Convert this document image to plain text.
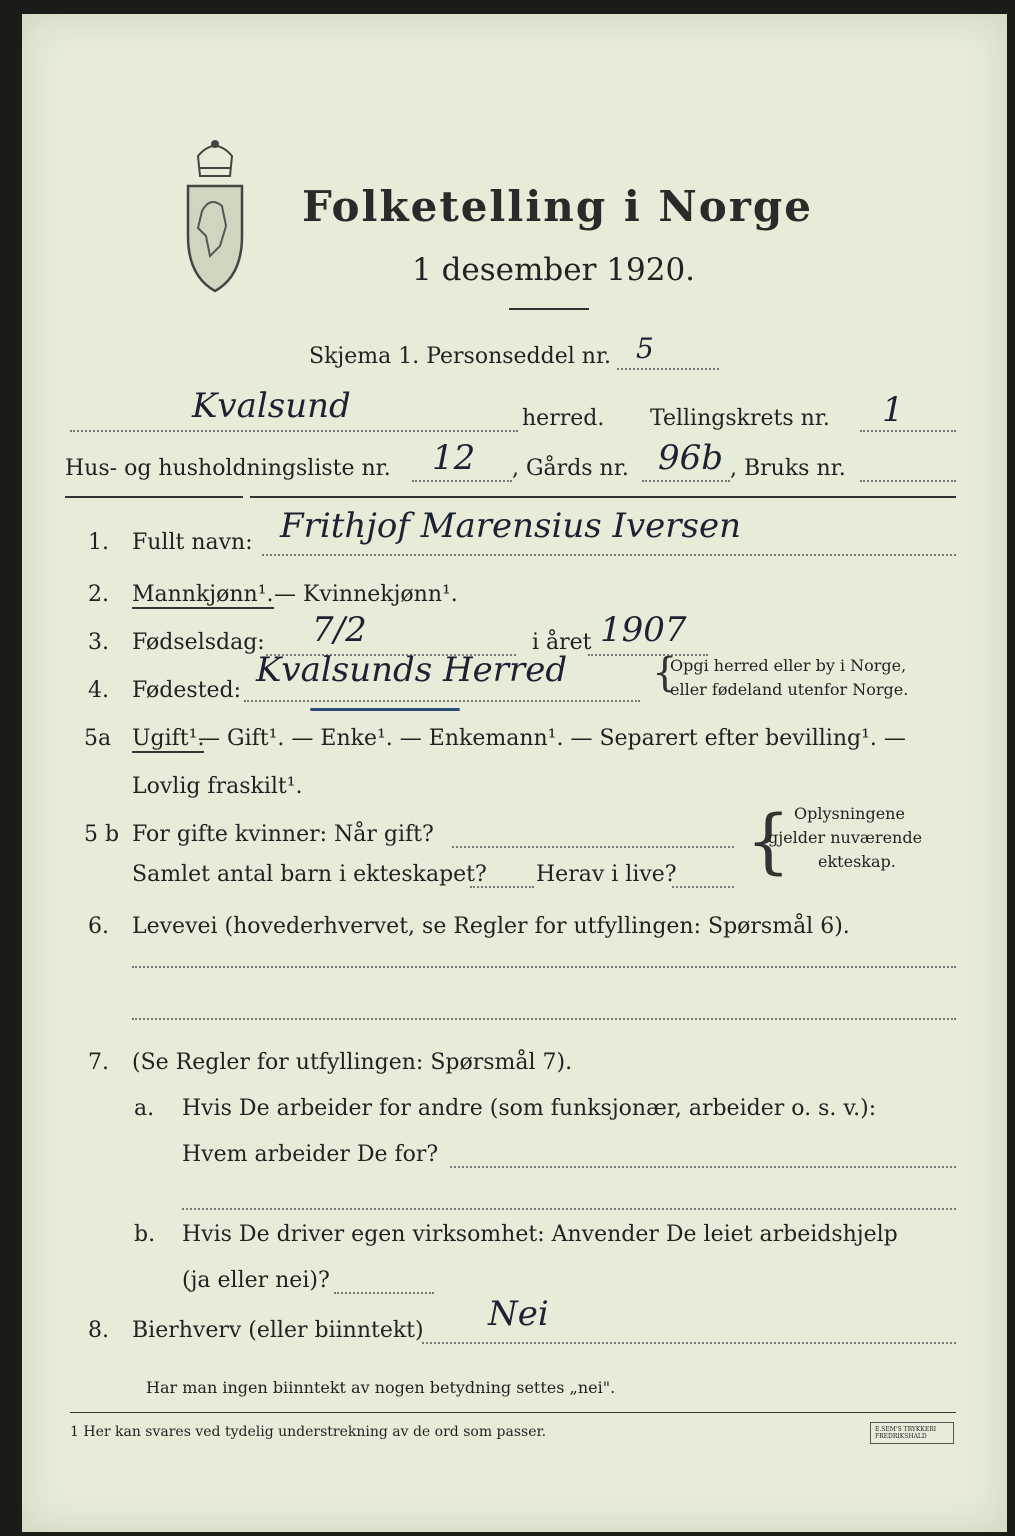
Folketelling i Norge
1 desember 1920.
Skjema 1. Personseddel nr. 5
Kvalsund	herred. Tellingskrets nr. 1
Hus- og husholdningsliste nr. 12 , Gårds nr. 96b , Bruks nr.
1. Fullt navn: Frithjof Marensius Iversen
2. Mannkjønn¹. — Kvinnekjønn¹.
3. Fødselsdag: 7/2	i året 1907
4. Fødested:
Kvalsunds Herred {
Opgi herred eller by i Norge,
eller fødeland utenfor Norge.
5a Ugift¹.
— Gift¹. — Enke¹. — Enkemann¹. — Separert efter bevilling¹. —
Lovlig fraskilt¹.
5 b For gifte kvinner: Når gift?
Samlet antal barn i ekteskapet? Herav i live? { Oplysningene
gjelder nuværende
ekteskap.
6. Levevei (hovederhvervet, se Regler for utfyllingen: Spørsmål 6).
7. (Se Regler for utfyllingen: Spørsmål 7).
a. Hvis De arbeider for andre (som funksjonær, arbeider o. s. v.):
Hvem arbeider De for?
b. Hvis De driver egen virksomhet: Anvender De leiet arbeidshjelp
(ja eller nei)?
8. Bierhverv (eller biinntekt) Nei
Har man ingen biinntekt av nogen betydning settes „nei".
1 Her kan svares ved tydelig understrekning av de ord som passer.	E.SEM'S TRYKKERI FREDRIKSHALD
